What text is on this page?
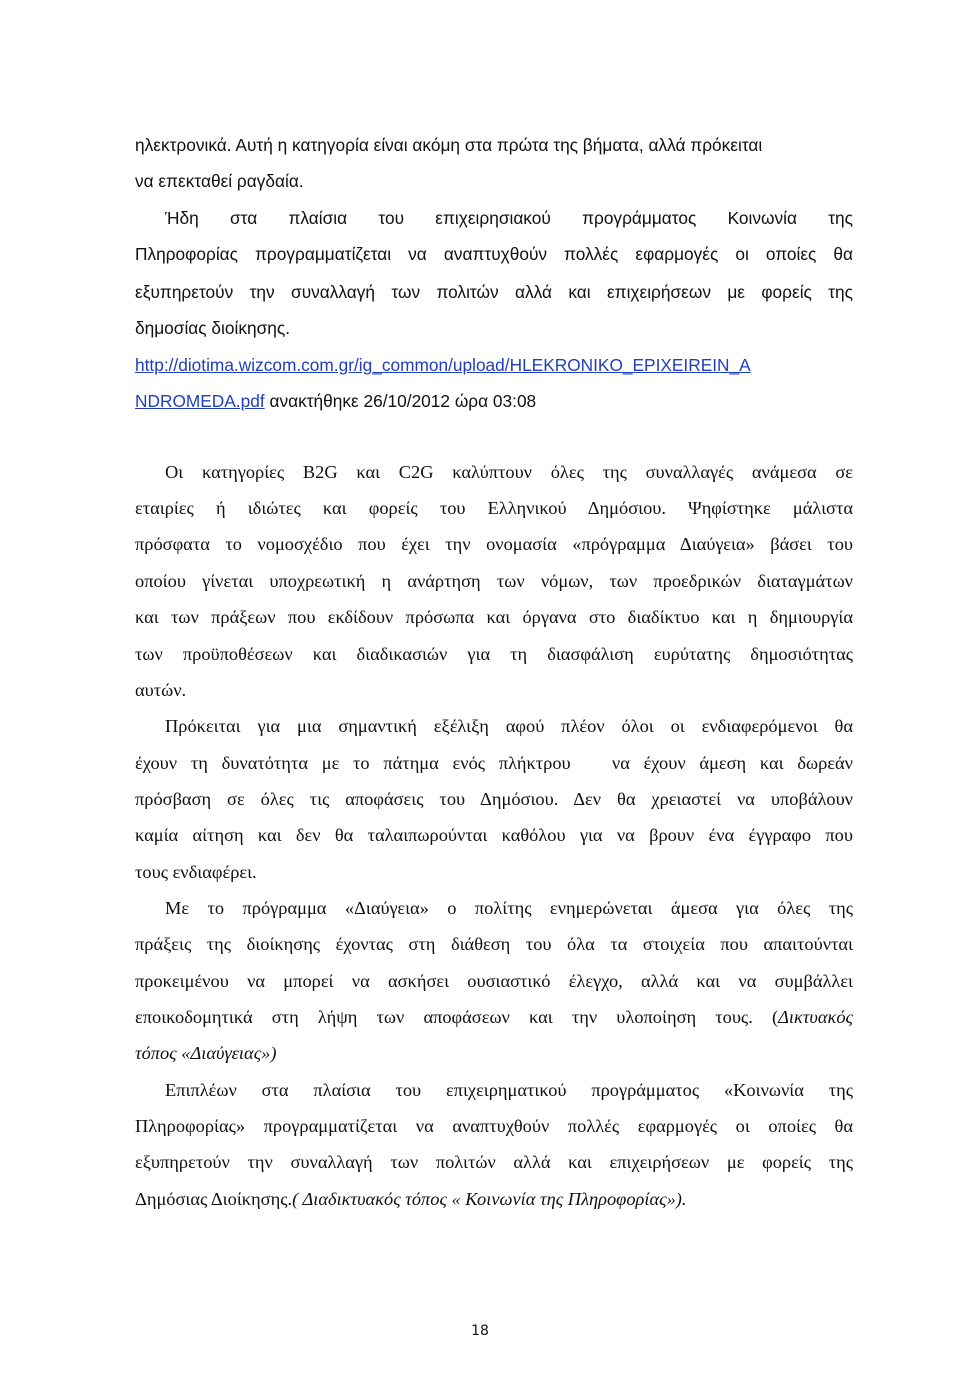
ηλεκτρονικά. Αυτή η κατηγορία είναι ακόμη στα πρώτα της βήματα, αλλά πρόκειται
να επεκταθεί ραγδαία.
Ήδη στα πλαίσια του επιχειρησιακού προγράμματος Κοινωνία της
Πληροφορίας προγραμματίζεται να αναπτυχθούν πολλές εφαρμογές οι οποίες θα
εξυπηρετούν την συναλλαγή των πολιτών αλλά και επιχειρήσεων με φορείς της
δημοσίας διοίκησης.
http://diotima.wizcom.com.gr/ig_common/upload/HLEKRONIKO_EPIXEIREIN_A
NDROMEDA.pdf ανακτήθηκε 26/10/2012 ώρα 03:08
Οι κατηγορίες B2G και C2G καλύπτουν όλες της συναλλαγές ανάμεσα σε
εταιρίες ή ιδιώτες και φορείς του Ελληνικού Δημόσιου. Ψηφίστηκε μάλιστα
πρόσφατα το νομοσχέδιο που έχει την ονομασία «πρόγραμμα Διαύγεια» βάσει του
οποίου γίνεται υποχρεωτική η ανάρτηση των νόμων, των προεδρικών διαταγμάτων
και των πράξεων που εκδίδουν πρόσωπα και όργανα στο διαδίκτυο και η δημιουργία
των προϋποθέσεων και διαδικασιών για τη διασφάλιση ευρύτατης δημοσιότητας
αυτών.
Πρόκειται για μια σημαντική εξέλιξη αφού πλέον όλοι οι ενδιαφερόμενοι θα
έχουν τη δυνατότητα με το πάτημα ενός πλήκτρου   να έχουν άμεση και δωρεάν
πρόσβαση σε όλες τις αποφάσεις του Δημόσιου. Δεν θα χρειαστεί να υποβάλουν
καμία αίτηση και δεν θα ταλαιπωρούνται καθόλου για να βρουν ένα έγγραφο που
τους ενδιαφέρει.
Με το πρόγραμμα «Διαύγεια» ο πολίτης ενημερώνεται άμεσα για όλες της
πράξεις της διοίκησης έχοντας στη διάθεση του όλα τα στοιχεία που απαιτούνται
προκειμένου να μπορεί να ασκήσει ουσιαστικό έλεγχο, αλλά και να συμβάλλει
εποικοδομητικά στη λήψη των αποφάσεων και την υλοποίηση τους. (Δικτυακός
τόπος «Διαύγειας»)
Επιπλέων στα πλαίσια του επιχειρηματικού προγράμματος «Κοινωνία της
Πληροφορίας» προγραμματίζεται να αναπτυχθούν πολλές εφαρμογές οι οποίες θα
εξυπηρετούν την συναλλαγή των πολιτών αλλά και επιχειρήσεων με φορείς της
Δημόσιας Διοίκησης.( Διαδικτυακός τόπος « Κοινωνία της Πληροφορίας»).
18
